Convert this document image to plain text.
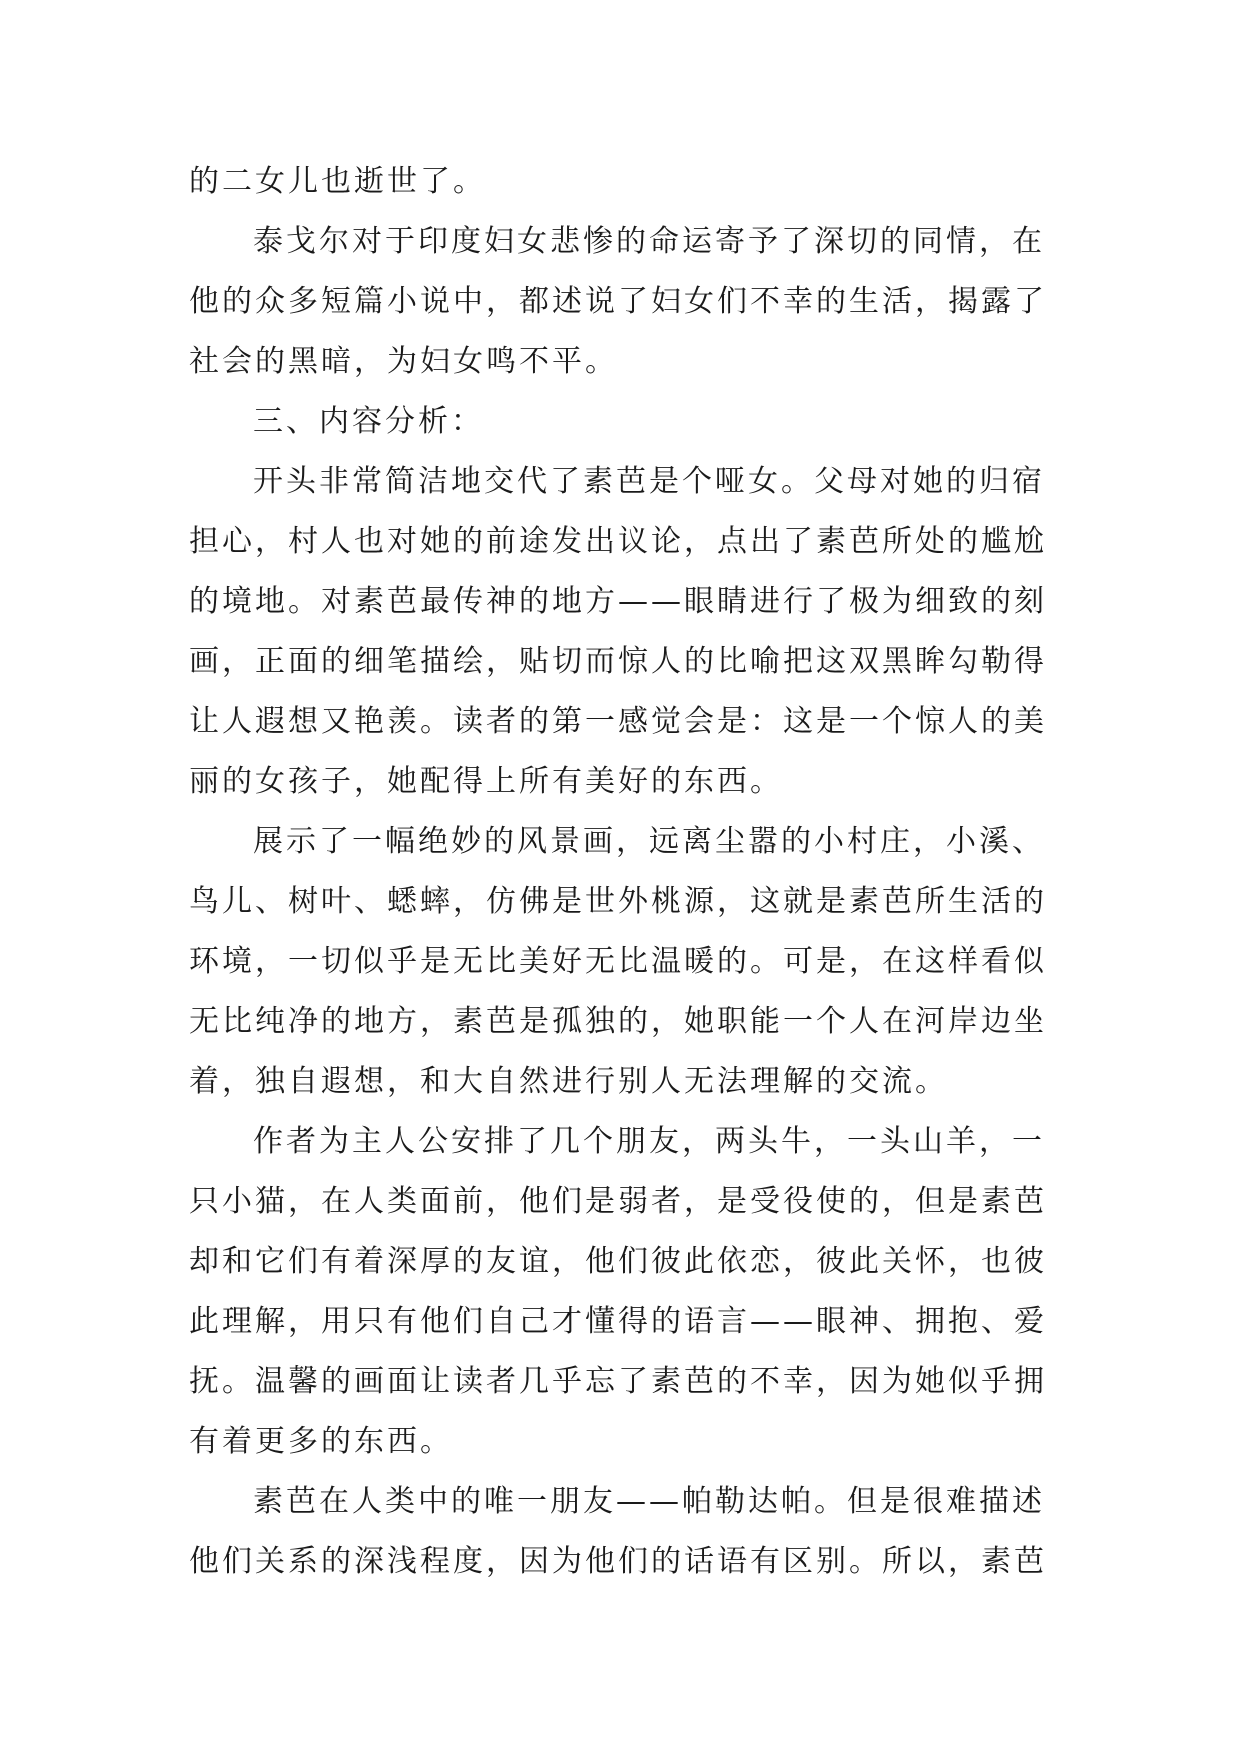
的二女儿也逝世了。
泰戈尔对于印度妇女悲惨的命运寄予了深切的同情，在
他的众多短篇小说中，都述说了妇女们不幸的生活，揭露了
社会的黑暗，为妇女鸣不平。
三、内容分析：
开头非常简洁地交代了素芭是个哑女。父母对她的归宿
担心，村人也对她的前途发出议论，点出了素芭所处的尴尬
的境地。对素芭最传神的地方——眼睛进行了极为细致的刻
画，正面的细笔描绘，贴切而惊人的比喻把这双黑眸勾勒得
让人遐想又艳羡。读者的第一感觉会是：这是一个惊人的美
丽的女孩子，她配得上所有美好的东西。
展示了一幅绝妙的风景画，远离尘嚣的小村庄，小溪、
鸟儿、树叶、蟋蟀，仿佛是世外桃源，这就是素芭所生活的
环境，一切似乎是无比美好无比温暖的。可是，在这样看似
无比纯净的地方，素芭是孤独的，她职能一个人在河岸边坐
着，独自遐想，和大自然进行别人无法理解的交流。
作者为主人公安排了几个朋友，两头牛，一头山羊，一
只小猫，在人类面前，他们是弱者，是受役使的，但是素芭
却和它们有着深厚的友谊，他们彼此依恋，彼此关怀，也彼
此理解，用只有他们自己才懂得的语言——眼神、拥抱、爱
抚。温馨的画面让读者几乎忘了素芭的不幸，因为她似乎拥
有着更多的东西。
素芭在人类中的唯一朋友——帕勒达帕。但是很难描述
他们关系的深浅程度，因为他们的话语有区别。所以，素芭
